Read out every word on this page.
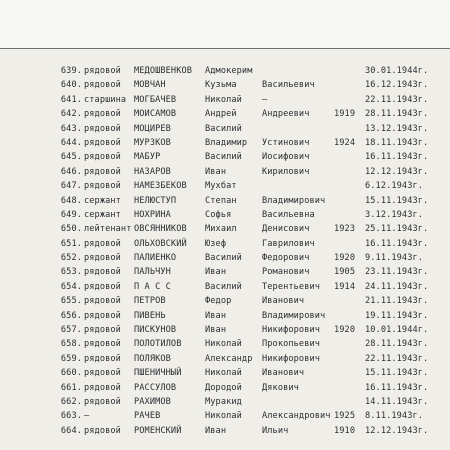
639. рядовой МЕДОШВЕНКОВ Адмокерим	30.01.1944г.
640. рядовой МОВЧАН	Кузьма	Васильевич	16.12.1943г.
641. старшина МОГБАЧЕВ	Николай –	22.11.1943г.
642. рядовой МОИСАМОВ	Андрей	Андреевич	1919 28.11.1943г.
643. рядовой МОЦИРЕВ	Василий	13.12.1943г.
644. рядовой МУРЗКОВ	Владимир Устинович	1924 18.11.1943г.
645. рядовой МАБУР	Василий Иосифович	16.11.1943г.
646. рядовой НАЗАРОВ	Иван	Кирилович	12.12.1943г.
647. рядовой НАМЕЗБЕКОВ Мухбат	6.12.1943г.
648. сержант НЕЛЮСТУП	Степан	Владимирович	15.11.1943г.
649. сержант НОХРИНА	Софья	Васильевна	3.12.1943г.
650. лейтенант ОВСЯННИКОВ Михаил	Денисович	1923 25.11.1943г.
651. рядовой ОЛЬХОВСКИЙ Юзеф	Гаврилович	16.11.1943г.
652. рядовой ПАЛИЕНКО	Василий Федорович	1920 9.11.1943г.
653. рядовой ПАЛЬЧУН	Иван	Романович	1905 23.11.1943г.
654. рядовой П А С С	Василий Терентьевич 1914 24.11.1943г.
655. рядовой ПЕТРОВ	Федор	Иванович	21.11.1943г.
656. рядовой ПИВЕНЬ	Иван	Владимирович	19.11.1943г.
657. рядовой ПИСКУНОВ	Иван	Никифорович 1920 10.01.1944г.
658. рядовой ПОЛОТИЛОВ	Николай Прокопьевич	28.11.1943г.
659. рядовой ПОЛЯКОВ	Александр Никифорович	22.11.1943г.
660. рядовой ПШЕНИЧНЫЙ	Николай Иванович	15.11.1943г.
661. рядовой РАССУЛОВ	Дородой Дякович	16.11.1943г.
662. рядовой РАХИМОВ	Муракид	14.11.1943г.
663. –	РАЧЕВ	Николай Александрович 1925 8.11.1943г.
664. рядовой РОМЕНСКИЙ	Иван	Ильич	1910 12.12.1943г.
